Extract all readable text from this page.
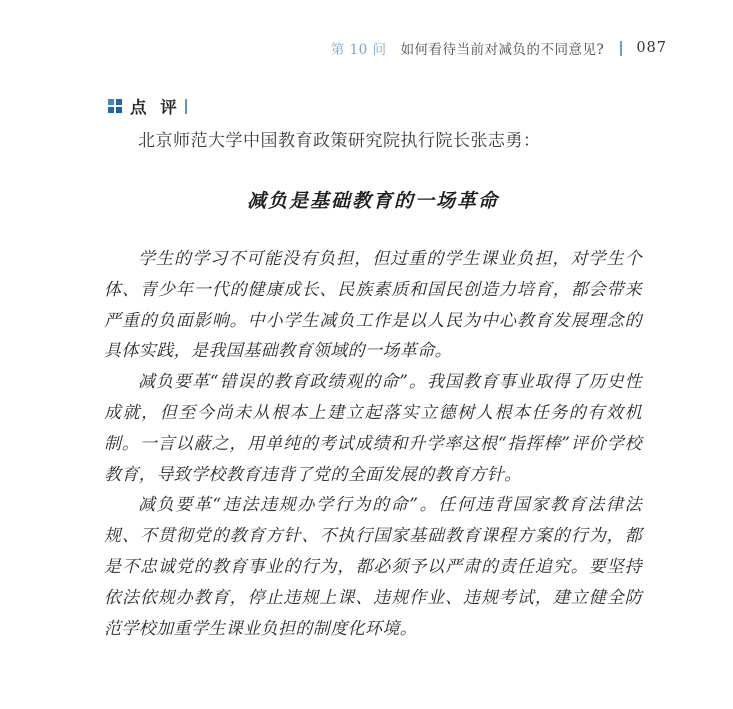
第 10 问 如何看待当前对减负的不同意见? 087
点 评
北京师范大学中国教育政策研究院执行院长张志勇：
减负是基础教育的一场革命

学生的学习不可能没有负担，但过重的学生课业负担，对学生个体、青少年一代的健康成长、民族素质和国民创造力培育，都会带来严重的负面影响。中小学生减负工作是以人民为中心教育发展理念的具体实践，是我国基础教育领域的一场革命。

减负要革“错误的教育政绩观的命”。我国教育事业取得了历史性成就，但至今尚未从根本上建立起落实立德树人根本任务的有效机制。一言以蔽之，用单纯的考试成绩和升学率这根“指挥棒”评价学校教育，导致学校教育违背了党的全面发展的教育方针。

减负要革“违法违规办学行为的命”。任何违背国家教育法律法规、不贯彻党的教育方针、不执行国家基础教育课程方案的行为，都是不忠诚党的教育事业的行为，都必须予以严肃的责任追究。要坚持依法依规办教育，停止违规上课、违规作业、违规考试，建立健全防范学校加重学生课业负担的制度化环境。
